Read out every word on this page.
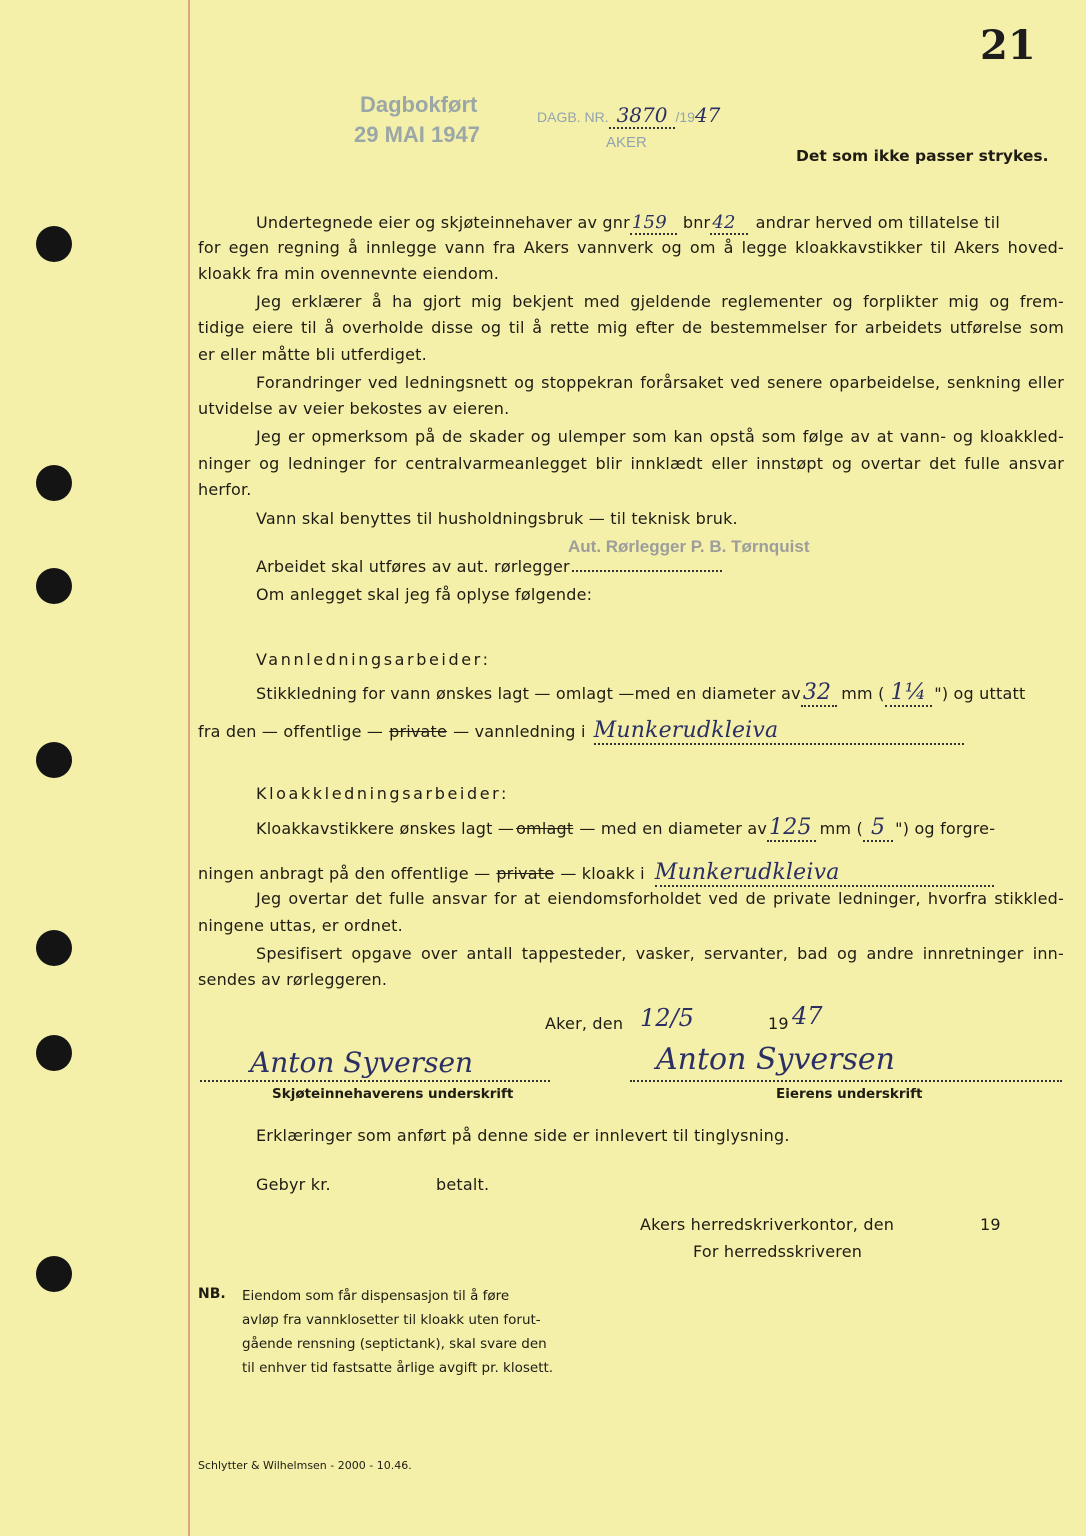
21
Dagbokført
29 MAI 1947
DAGB. NR. 3870 /1947
AKER
Det som ikke passer strykes.
Undertegnede eier og skjøteinnehaver av gnr 159	bnr 42	andrar herved om tillatelse til
for egen regning å innlegge vann fra Akers vannverk og om å legge kloakkavstikker til Akers hoved-
kloakk fra min ovennevnte eiendom.
Jeg erklærer å ha gjort mig bekjent med gjeldende reglementer og forplikter mig og frem-
tidige eiere til å overholde disse og til å rette mig efter de bestemmelser for arbeidets utførelse som
er eller måtte bli utferdiget.
Forandringer ved ledningsnett og stoppekran forårsaket ved senere oparbeidelse, senkning eller
utvidelse av veier bekostes av eieren.
Jeg er opmerksom på de skader og ulemper som kan opstå som følge av at vann- og kloakkled-
ninger og ledninger for centralvarmeanlegget blir innklædt eller innstøpt og overtar det fulle ansvar
herfor.
Vann skal benyttes til husholdningsbruk — til teknisk bruk.
Aut. Rørlegger P. B. Tørnquist
Arbeidet skal utføres av aut. rørlegger
Om anlegget skal jeg få oplyse følgende:
Vannledningsarbeider:
Stikkledning for vann ønskes lagt — omlagt —med en diameter av 32 mm ( 1¼ ") og uttatt
fra den — offentlige — private — vannledning i Munkerudkleiva
Kloakkledningsarbeider:
Kloakkavstikkere ønskes lagt — omlagt — med en diameter av 125 mm ( 5 ") og forgre-
ningen anbragt på den offentlige — private — kloakk i Munkerudkleiva
Jeg overtar det fulle ansvar for at eiendomsforholdet ved de private ledninger, hvorfra stikkled-
ningene uttas, er ordnet.
Spesifisert opgave over antall tappesteder, vasker, servanter, bad og andre innretninger inn-
sendes av rørleggeren.
Aker, den 12/5	19 47
Anton Syversen	Anton Syversen
Skjøteinnehaverens underskrift	Eierens underskrift
Erklæringer som anført på denne side er innlevert til tinglysning.
Gebyr kr.	betalt.
Akers herredskriverkontor, den	19
For herredsskriveren
NB. Eiendom som får dispensasjon til å føre
avløp fra vannklosetter til kloakk uten forut-
gående rensning (septictank), skal svare den
til enhver tid fastsatte årlige avgift pr. klosett.
Schlytter & Wilhelmsen - 2000 - 10.46.
